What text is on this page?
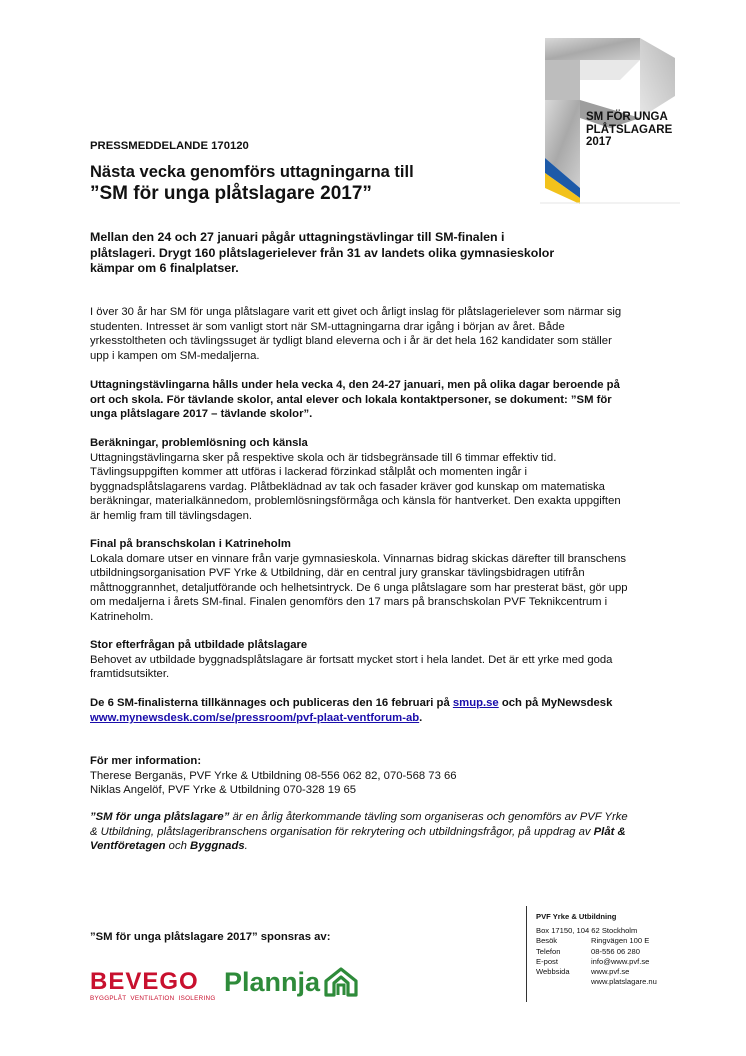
SM FÖR UNGA
PLÅTSLAGARE
2017
PRESSMEDDELANDE 170120
Nästa vecka genomförs uttagningarna till
”SM för unga plåtslagare 2017”

Mellan den 24 och 27 januari pågår uttagningstävlingar till SM-finalen i plåtslageri. Drygt 160 plåtslagerielever från 31 av landets olika gymnasieskolor kämpar om 6 finalplatser.

I över 30 år har SM för unga plåtslagare varit ett givet och årligt inslag för plåtslagerielever som närmar sig studenten. Intresset är som vanligt stort när SM-uttagningarna drar igång i början av året. Både yrkesstoltheten och tävlingssuget är tydligt bland eleverna och i år är det hela 162 kandidater som ställer upp i kampen om SM-medaljerna.

Uttagningstävlingarna hålls under hela vecka 4, den 24-27 januari, men på olika dagar beroende på ort och skola. För tävlande skolor, antal elever och lokala kontaktpersoner, se dokument: ”SM för unga plåtslagare 2017 – tävlande skolor”.

Beräkningar, problemlösning och känsla

Uttagningstävlingarna sker på respektive skola och är tidsbegränsade till 6 timmar effektiv tid. Tävlingsuppgiften kommer att utföras i lackerad förzinkad stålplåt och momenten ingår i byggnadsplåtslagarens vardag. Plåtbeklädnad av tak och fasader kräver god kunskap om matematiska beräkningar, materialkännedom, problemlösningsförmåga och känsla för hantverket. Den exakta uppgiften är hemlig fram till tävlingsdagen.

Final på branschskolan i Katrineholm

Lokala domare utser en vinnare från varje gymnasieskola. Vinnarnas bidrag skickas därefter till branschens utbildningsorganisation PVF Yrke & Utbildning, där en central jury granskar tävlingsbidragen utifrån måttnoggrannhet, detaljutförande och helhetsintryck. De 6 unga plåtslagare som har presterat bäst, gör upp om medaljerna i årets SM-final. Finalen genomförs den 17 mars på branschskolan PVF Teknikcentrum i Katrineholm.

Stor efterfrågan på utbildade plåtslagare

Behovet av utbildade byggnadsplåtslagare är fortsatt mycket stort i hela landet. Det är ett yrke med goda framtidsutsikter.

De 6 SM-finalisterna tillkännages och publiceras den 16 februari på smup.se och på MyNewsdesk www.mynewsdesk.com/se/pressroom/pvf-plaat-ventforum-ab.

För mer information:
Therese Berganäs, PVF Yrke & Utbildning 08-556 062 82, 070-568 73 66
Niklas Angelöf, PVF Yrke & Utbildning 070-328 19 65

”SM för unga plåtslagare” är en årlig återkommande tävling som organiseras och genomförs av PVF Yrke & Utbildning, plåtslageribranschens organisation för rekrytering och utbildningsfrågor, på uppdrag av Plåt & Ventföretagen och Byggnads.

”SM för unga plåtslagare 2017” sponsras av:
BEVEGO
BYGGPLÅT  VENTILATION  ISOLERING
Plannja
PVF Yrke & Utbildning
Box 17150, 104 62 Stockholm
Besök	Ringvägen 100 E
Telefon	08-556 06 280
E-post	info@www.pvf.se
Webbsida	www.pvf.se
www.platslagare.nu
